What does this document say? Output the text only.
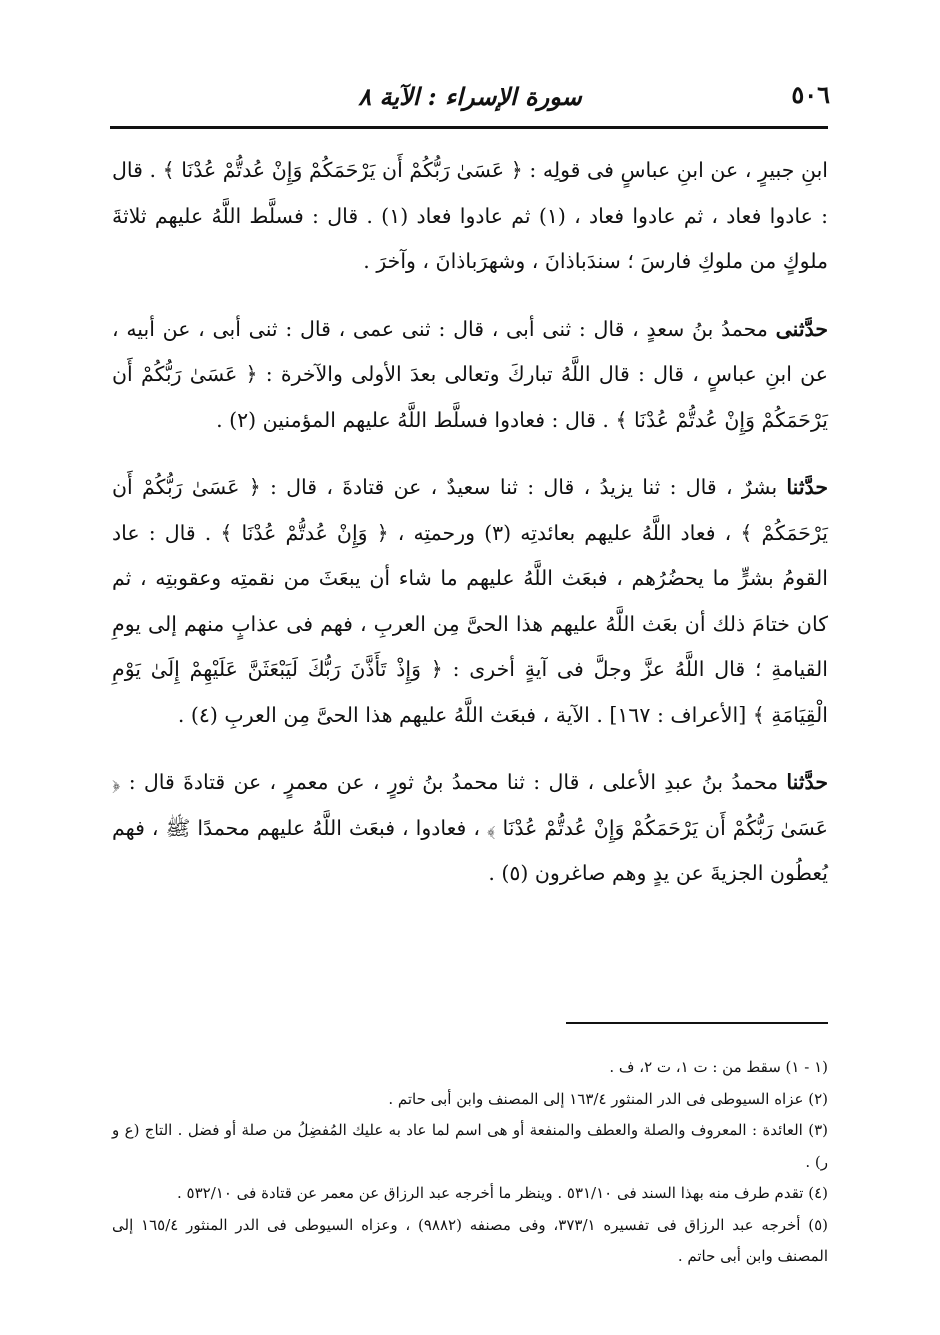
٥٠٦
سورة الإسراء : الآية ٨

ابنِ جبيرٍ ، عن ابنِ عباسٍ فى قولِه : ﴿ عَسَىٰ رَبُّكُمْ أَن يَرْحَمَكُمْ وَإِنْ عُدتُّمْ عُدْنَا ﴾ . قال : عادوا فعاد ، ثم عادوا فعاد ، (١) ثم عادوا فعاد (١) . قال : فسلَّط اللَّهُ عليهم ثلاثةَ ملوكٍ من ملوكِ فارسَ ؛ سندَباذانَ ، وشهرَباذانَ ، وآخرَ .

حدَّثنى محمدُ بنُ سعدٍ ، قال : ثنى أبى ، قال : ثنى عمى ، قال : ثنى أبى ، عن أبيه ، عن ابنِ عباسٍ ، قال : قال اللَّهُ تباركَ وتعالى بعدَ الأولى والآخرة : ﴿ عَسَىٰ رَبُّكُمْ أَن يَرْحَمَكُمْ وَإِنْ عُدتُّمْ عُدْنَا ﴾ . قال : فعادوا فسلَّط اللَّهُ عليهم المؤمنين (٢) .

حدَّثنا بشرٌ ، قال : ثنا يزيدُ ، قال : ثنا سعيدٌ ، عن قتادةَ ، قال : ﴿ عَسَىٰ رَبُّكُمْ أَن يَرْحَمَكُمْ ﴾ ، فعاد اللَّهُ عليهم بعائدتِه (٣) ورحمتِه ، ﴿ وَإِنْ عُدتُّمْ عُدْنَا ﴾ . قال : عاد القومُ بشرٍّ ما يحضُرُهم ، فبعَث اللَّهُ عليهم ما شاء أن يبعَثَ من نقمتِه وعقوبتِه ، ثم كان ختامَ ذلك أن بعَث اللَّهُ عليهم هذا الحىَّ مِن العربِ ، فهم فى عذابٍ منهم إلى يومِ القيامةِ ؛ قال اللَّهُ عزَّ وجلَّ فى آيةٍ أخرى : ﴿ وَإِذْ تَأَذَّنَ رَبُّكَ لَيَبْعَثَنَّ عَلَيْهِمْ إِلَىٰ يَوْمِ الْقِيَامَةِ ﴾ [الأعراف : ١٦٧] . الآية ، فبعَث اللَّهُ عليهم هذا الحىَّ مِن العربِ (٤) .

حدَّثنا محمدُ بنُ عبدِ الأعلى ، قال : ثنا محمدُ بنُ ثورٍ ، عن معمرٍ ، عن قتادةَ قال : ﴿ عَسَىٰ رَبُّكُمْ أَن يَرْحَمَكُمْ وَإِنْ عُدتُّمْ عُدْنَا ﴾ ، فعادوا ، فبعَث اللَّهُ عليهم محمدًا ﷺ ، فهم يُعطُون الجزيةَ عن يدٍ وهم صاغرون (٥) .

(١ - ١) سقط من : ت ١، ت ٢، ف .

(٢) عزاه السيوطى فى الدر المنثور ١٦٣/٤ إلى المصنف وابن أبى حاتم .

(٣) العائدة : المعروف والصلة والعطف والمنفعة أو هى اسم لما عاد به عليك المُفضِلُ من صلة أو فضل . التاج (ع و ر) .

(٤) تقدم طرف منه بهذا السند فى ٥٣١/١٠ . وينظر ما أخرجه عبد الرزاق عن معمر عن قتادة فى ٥٣٢/١٠ .

(٥) أخرجه عبد الرزاق فى تفسيره ٣٧٣/١، وفى مصنفه (٩٨٨٢) ، وعزاه السيوطى فى الدر المنثور ١٦٥/٤ إلى المصنف وابن أبى حاتم .
